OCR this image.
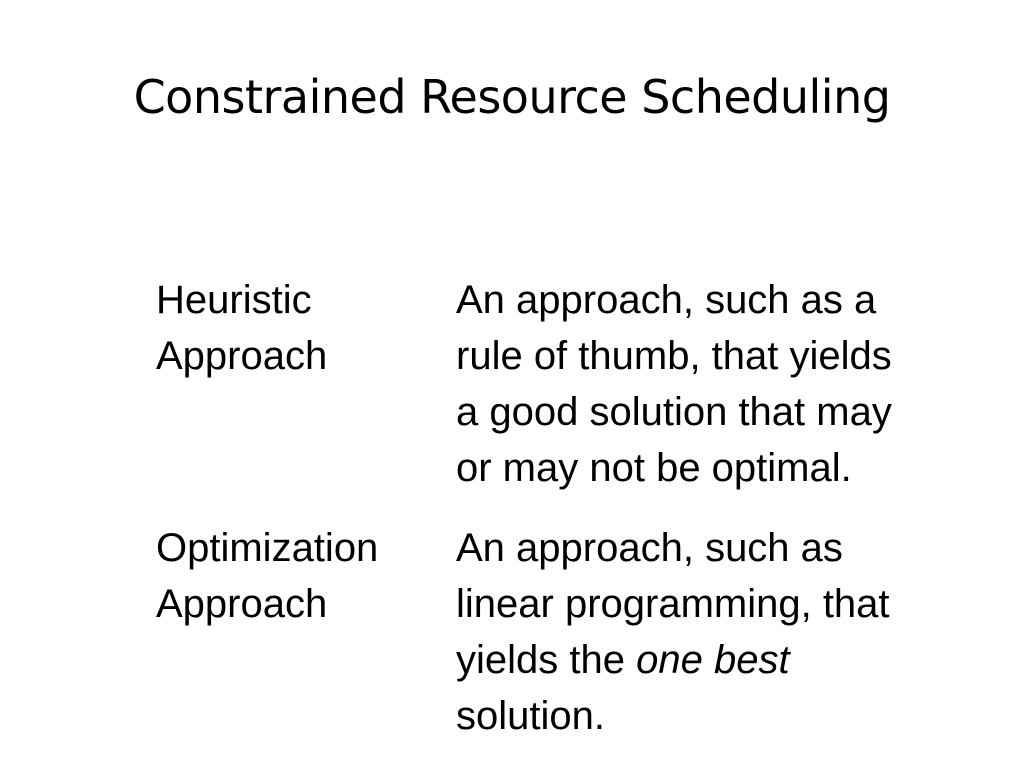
Constrained Resource Scheduling
Heuristic
Approach
An approach, such as a
rule of thumb, that yields
a good solution that may
or may not be optimal.
Optimization
Approach
An approach, such as
linear programming, that
yields the one best
solution.
